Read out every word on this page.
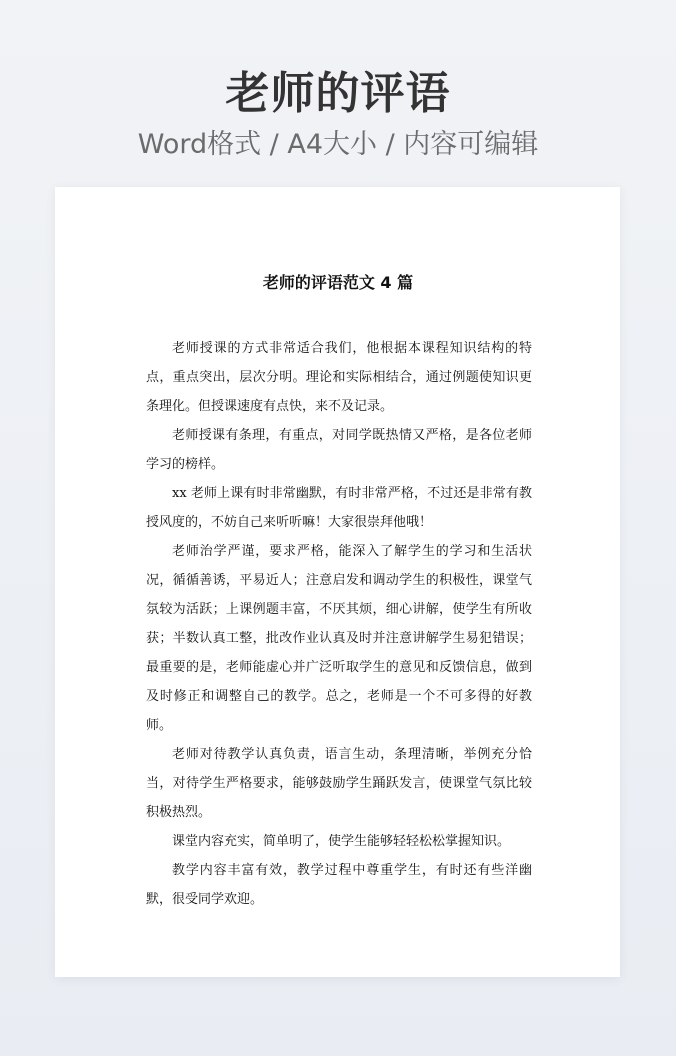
老师的评语
Word格式 / A4大小 / 内容可编辑
老师的评语范文 4 篇

老师授课的方式非常适合我们，他根据本课程知识结构的特点，重点突出，层次分明。理论和实际相结合，通过例题使知识更条理化。但授课速度有点快，来不及记录。

老师授课有条理，有重点，对同学既热情又严格，是各位老师学习的榜样。

xx 老师上课有时非常幽默，有时非常严格，不过还是非常有教授风度的，不妨自己来听听嘛！大家很崇拜他哦！

老师治学严谨，要求严格，能深入了解学生的学习和生活状况，循循善诱，平易近人；注意启发和调动学生的积极性，课堂气氛较为活跃；上课例题丰富，不厌其烦，细心讲解，使学生有所收获；半数认真工整，批改作业认真及时并注意讲解学生易犯错误；最重要的是，老师能虚心并广泛听取学生的意见和反馈信息，做到及时修正和调整自己的教学。总之，老师是一个不可多得的好教师。

老师对待教学认真负责，语言生动，条理清晰，举例充分恰当，对待学生严格要求，能够鼓励学生踊跃发言，使课堂气氛比较积极热烈。

课堂内容充实，简单明了，使学生能够轻轻松松掌握知识。

教学内容丰富有效，教学过程中尊重学生，有时还有些洋幽默，很受同学欢迎。
